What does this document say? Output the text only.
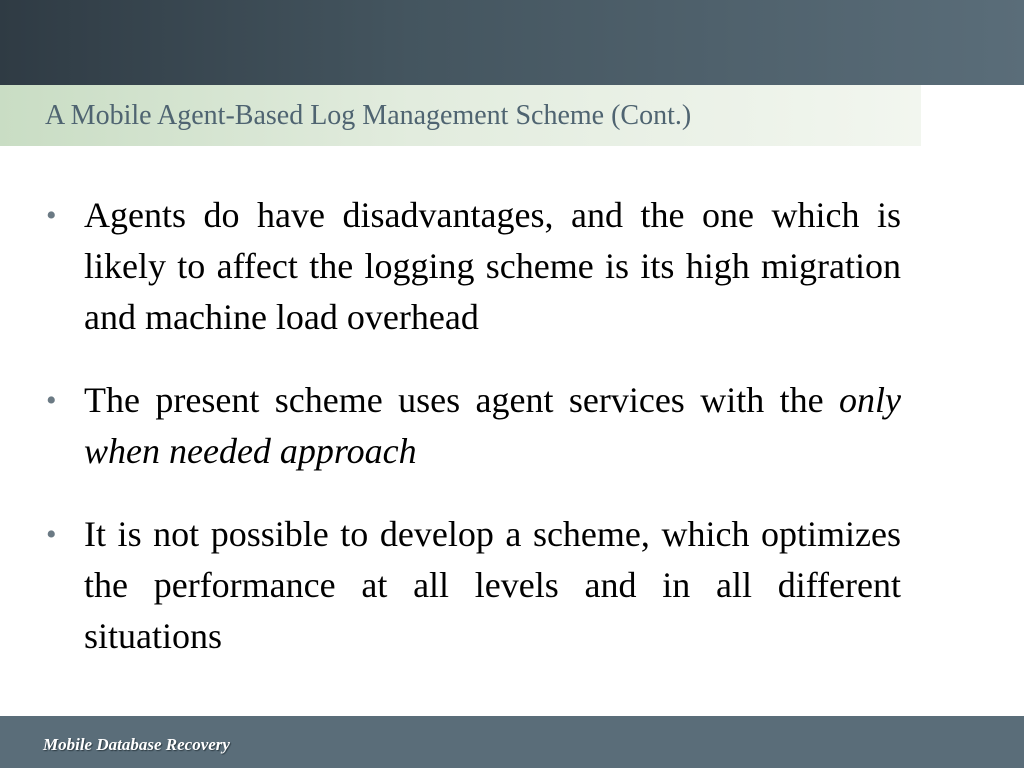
A Mobile Agent-Based Log Management Scheme (Cont.)
• Agents do have disadvantages, and the one which is likely to affect the logging scheme is its high migration and machine load overhead
• The present scheme uses agent services with the only when needed approach
• It is not possible to develop a scheme, which optimizes the performance at all levels and in all different situations
Mobile Database Recovery
